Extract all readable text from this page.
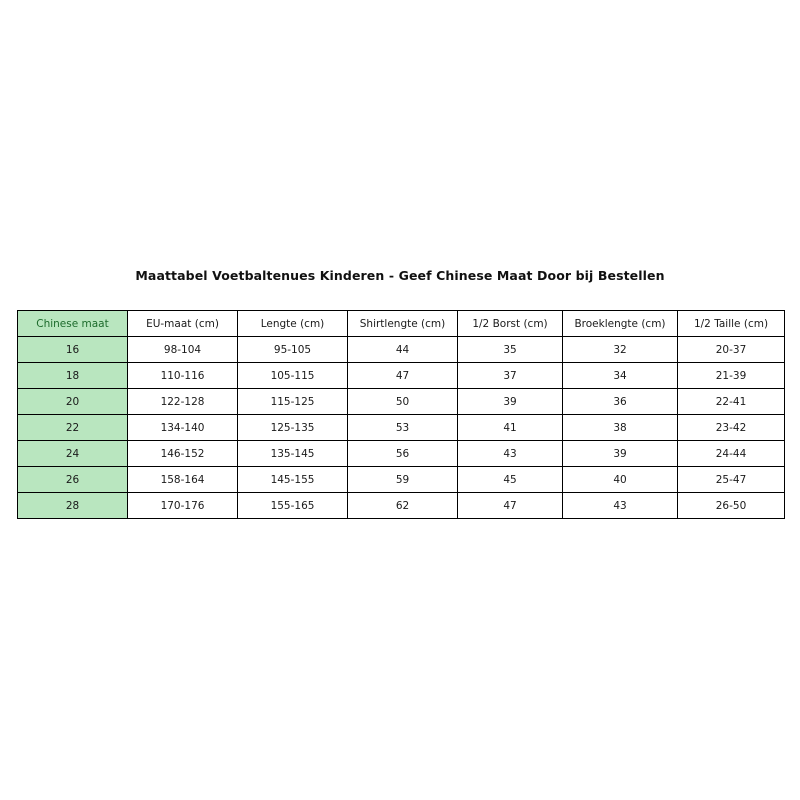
Maattabel Voetbaltenues Kinderen - Geef Chinese Maat Door bij Bestellen
Chinese maat	EU-maat (cm)	Lengte (cm)	Shirtlengte (cm)	1/2 Borst (cm)	Broeklengte (cm)	1/2 Taille (cm)
16	98-104	95-105	44	35	32	20-37
18	110-116	105-115	47	37	34	21-39
20	122-128	115-125	50	39	36	22-41
22	134-140	125-135	53	41	38	23-42
24	146-152	135-145	56	43	39	24-44
26	158-164	145-155	59	45	40	25-47
28	170-176	155-165	62	47	43	26-50
